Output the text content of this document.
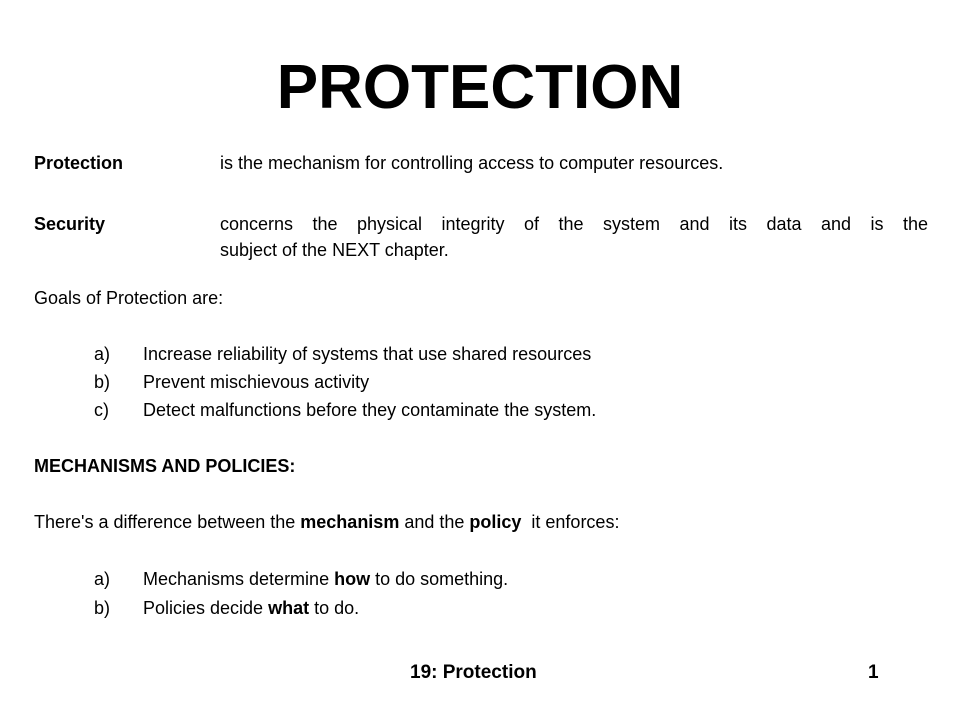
PROTECTION
Protection	is the mechanism for controlling access to computer resources.
Security	concerns the physical integrity of the system and its data and is the
subject of the NEXT chapter.
Goals of Protection are:
a) Increase reliability of systems that use shared resources
b) Prevent mischievous activity
c) Detect malfunctions before they contaminate the system.
MECHANISMS AND POLICIES:
There's a difference between the mechanism and the policy  it enforces:
a) Mechanisms determine how to do something.
b) Policies decide what to do.
19: Protection	1
